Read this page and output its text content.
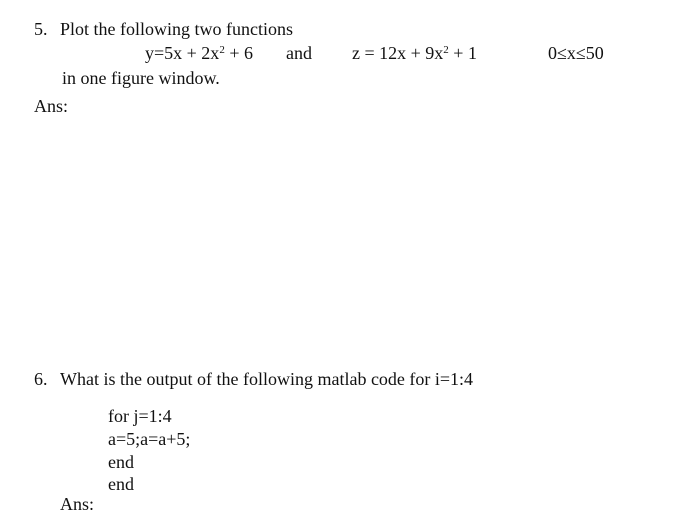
5. Plot the following two functions
$y=5x + 2x^2 + 6$ and $z = 12x + 9x^2 + 1$	0≤x≤50
in one figure window.
Ans:
6. What is the output of the following matlab code for i=1:4
for j=1:4
a=5;a=a+5;
end
end
Ans:
